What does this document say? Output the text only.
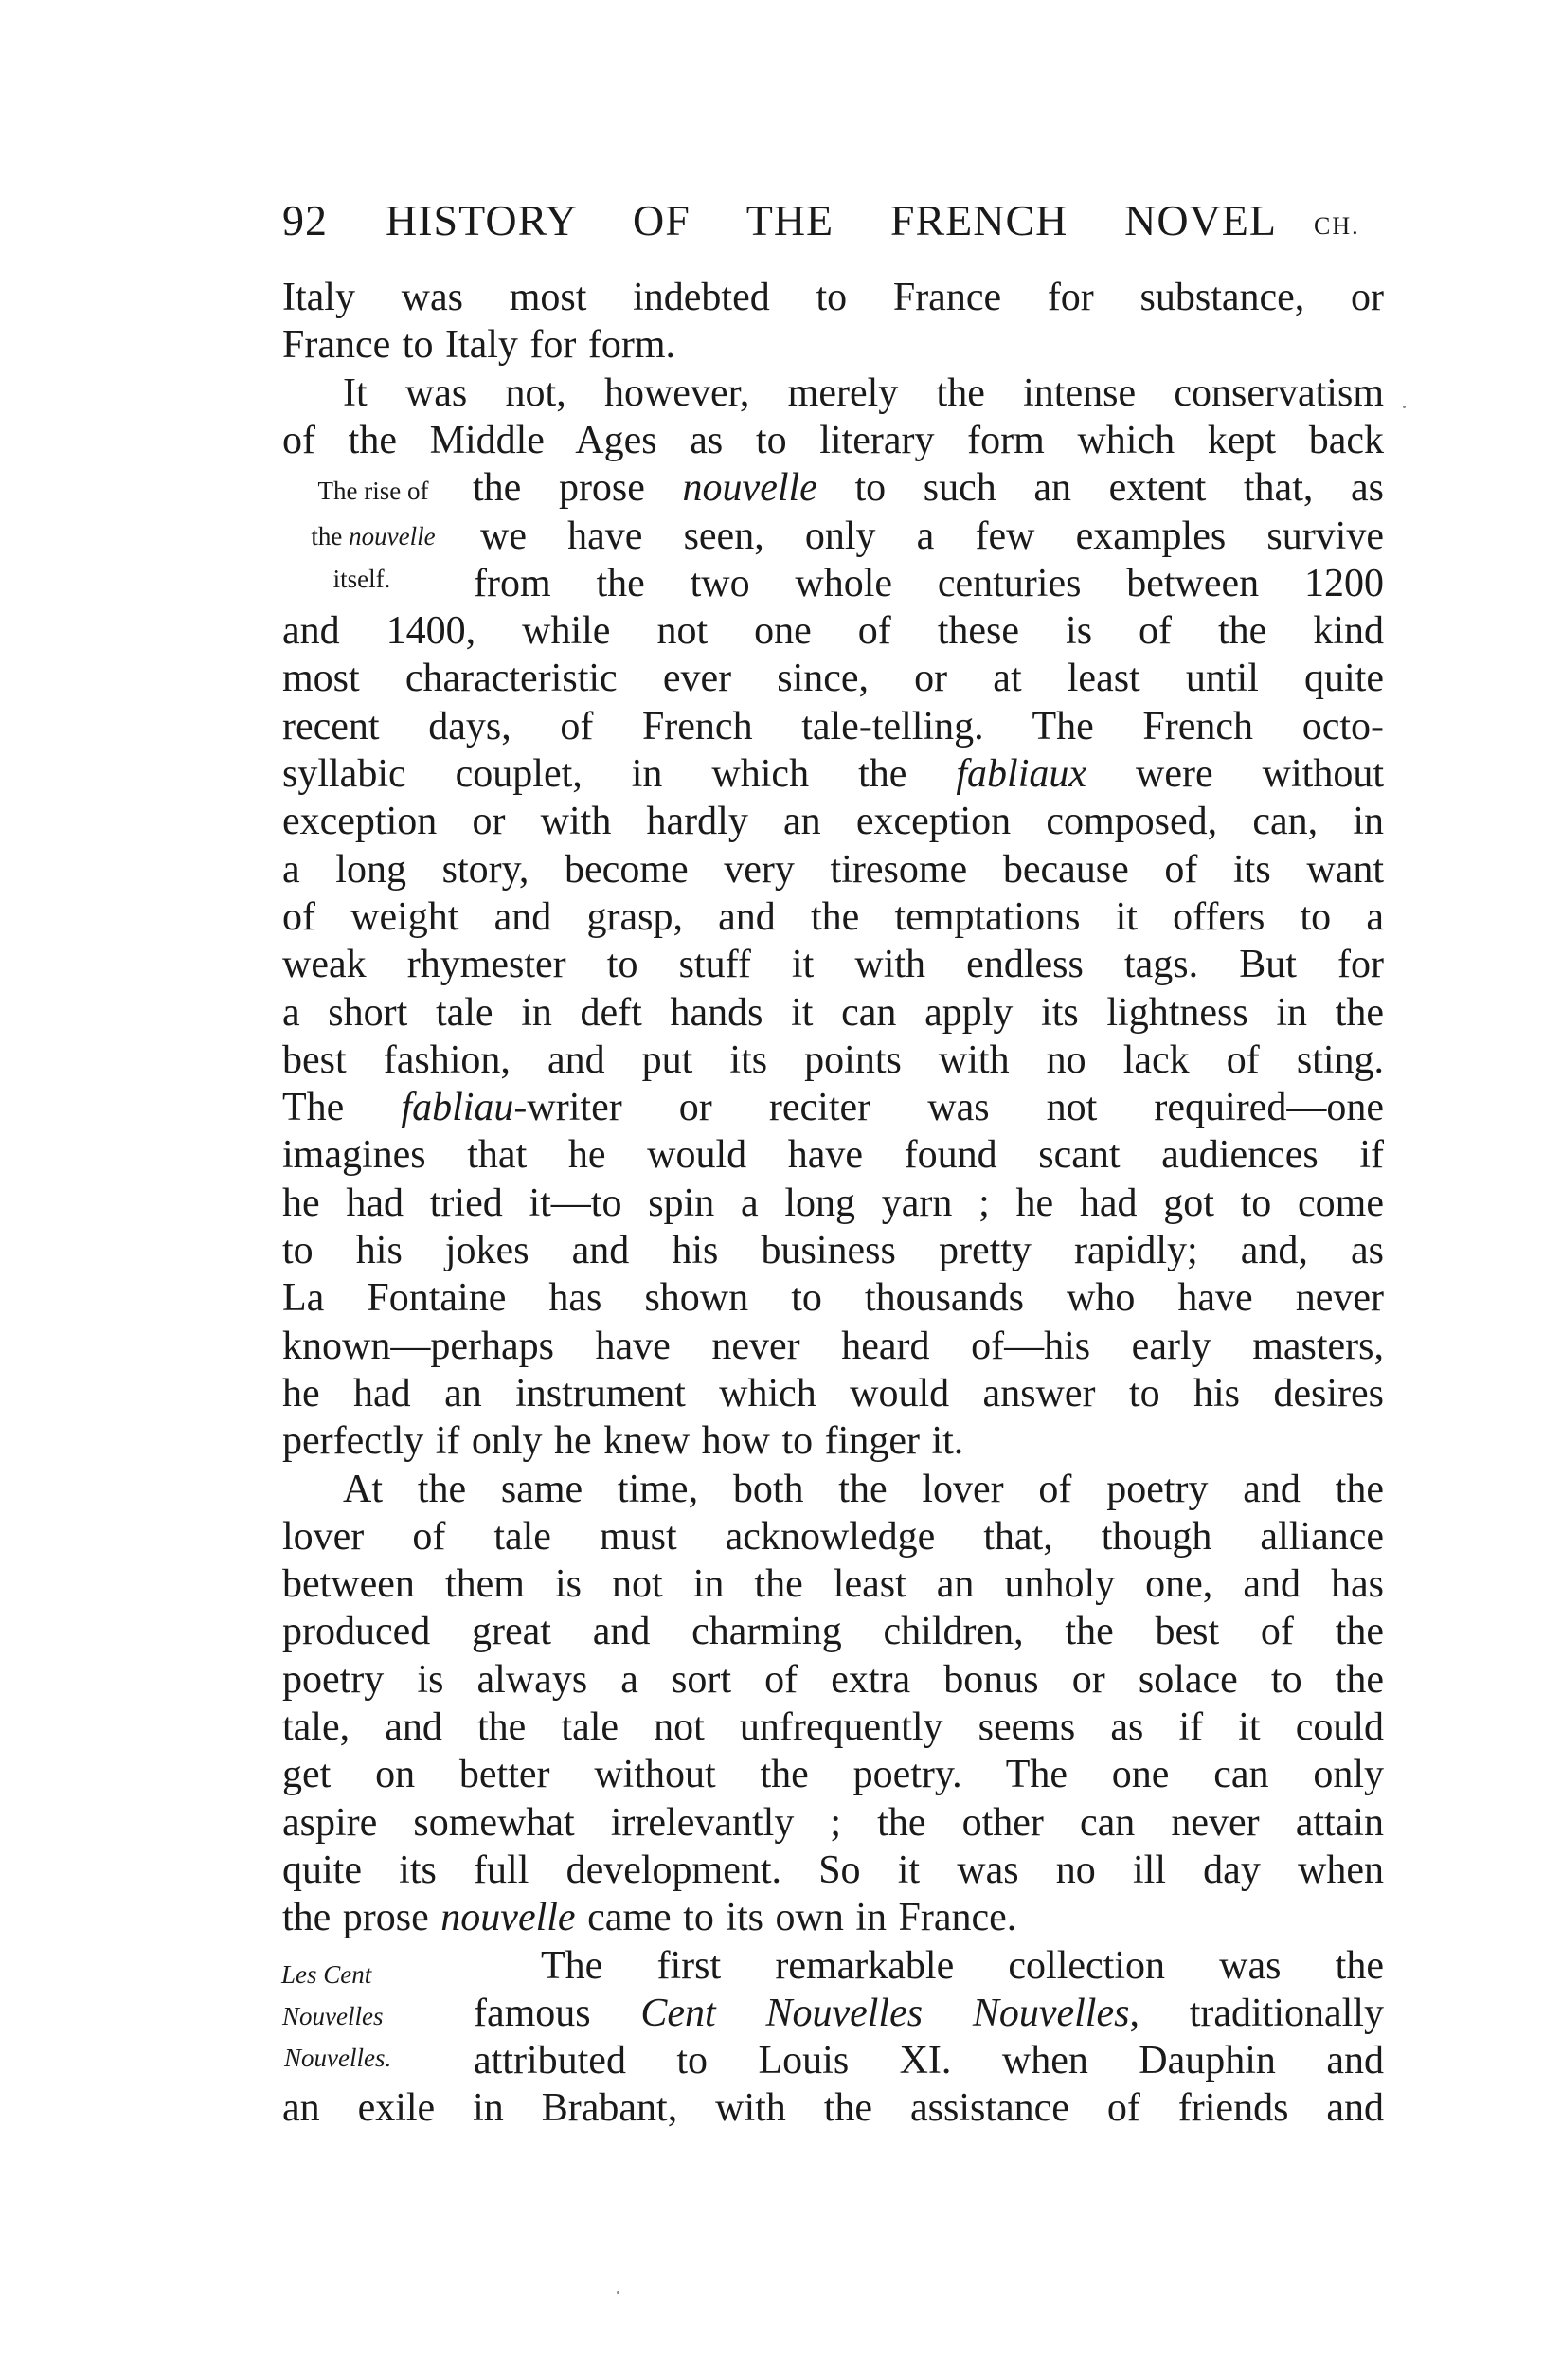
92 HISTORY OF THE FRENCH NOVEL CH.
Italy was most indebted to France for substance, or
France to Italy for form.
It was not, however, merely the intense conservatism
of the Middle Ages as to literary form which kept back
the prose nouvelle to such an extent that, as
we have seen, only a few examples survive
from the two whole centuries between 1200
and 1400, while not one of these is of the kind
most characteristic ever since, or at least until quite
recent days, of French tale-telling. The French octo-
syllabic couplet, in which the fabliaux were without
exception or with hardly an exception composed, can, in
a long story, become very tiresome because of its want
of weight and grasp, and the temptations it offers to a
weak rhymester to stuff it with endless tags. But for
a short tale in deft hands it can apply its lightness in the
best fashion, and put its points with no lack of sting.
The fabliau-writer or reciter was not required—one
imagines that he would have found scant audiences if
he had tried it—to spin a long yarn ; he had got to come
to his jokes and his business pretty rapidly; and, as
La Fontaine has shown to thousands who have never
known—perhaps have never heard of—his early masters,
he had an instrument which would answer to his desires
perfectly if only he knew how to finger it.
At the same time, both the lover of poetry and the
lover of tale must acknowledge that, though alliance
between them is not in the least an unholy one, and has
produced great and charming children, the best of the
poetry is always a sort of extra bonus or solace to the
tale, and the tale not unfrequently seems as if it could
get on better without the poetry. The one can only
aspire somewhat irrelevantly ; the other can never attain
quite its full development. So it was no ill day when
the prose nouvelle came to its own in France.
The first remarkable collection was the
famous Cent Nouvelles Nouvelles, traditionally
attributed to Louis XI. when Dauphin and
an exile in Brabant, with the assistance of friends and
The rise of
the nouvelle
itself.
Les Cent
Nouvelles
Nouvelles.
